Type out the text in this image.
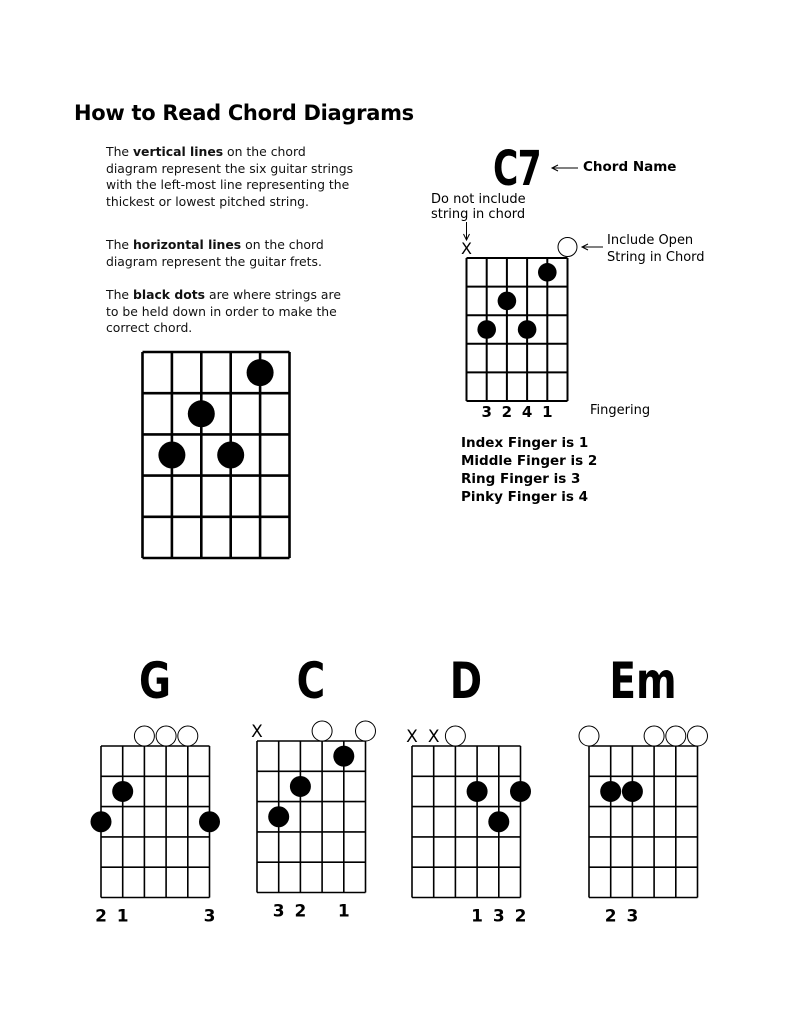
How to Read Chord Diagrams
The vertical lines on the chord diagram represent the six guitar strings with the left-most line representing the thickest or lowest pitched string.
The horizontal lines on the chord diagram represent the guitar frets.
The black dots are where strings are to be held down in order to make the correct chord.
C7	Chord Name
Do not include string in chord
Include Open String in Chord
Fingering
X
3 2 4 1
Index Finger is 1
Middle Finger is 2
Ring Finger is 3
Pinky Finger is 4
G
2 1	3
C
X
3 2 1
D
X X
1 3 2
Em
2 3
